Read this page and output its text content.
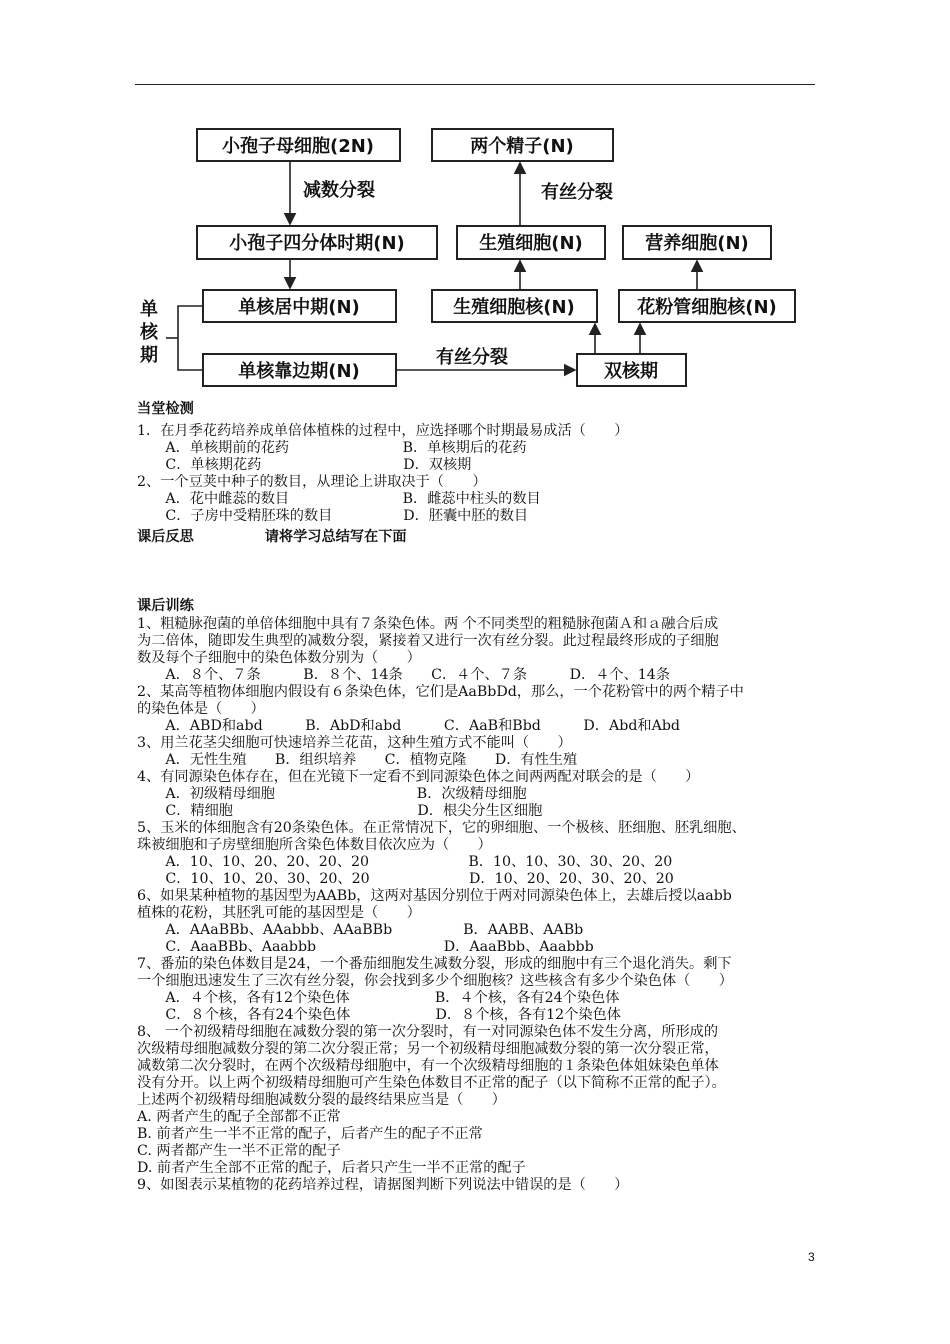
小孢子母细胞(2N)	两个精子(N)
小孢子四分体时期(N)	生殖细胞(N)	营养细胞(N)
单核居中期(N)	生殖细胞核(N)	花粉管细胞核(N)
单核靠边期(N)	双核期
减数分裂	有丝分裂
有丝分裂
单
核
期
当堂检测
1．在月季花药培养成单倍体植株的过程中，应选择哪个时期最易成活（　　）
　　A．单核期前的花药　　　　　　　　B．单核期后的花药
　　C．单核期花药　　　　　　　　　　D．双核期
2、一个豆荚中种子的数目，从理论上讲取决于（　　）
　　A．花中雌蕊的数目　　　　　　　　B．雌蕊中柱头的数目
　　C．子房中受精胚珠的数目　　　　　D．胚囊中胚的数目
课后反思　　　　　请将学习总结写在下面
课后训练
1、粗糙脉孢菌的单倍体细胞中具有７条染色体。两 个不同类型的粗糙脉孢菌Ａ和ａ融合后成
为二倍体，随即发生典型的减数分裂，紧接着又进行一次有丝分裂。此过程最终形成的子细胞
数及每个子细胞中的染色体数分别为（　　）
　　A．８个、７条　　　B．８个、14条　　C．４个、７条　　　D．４个、14条
2、某高等植物体细胞内假设有６条染色体，它们是AaBbDd，那么，一个花粉管中的两个精子中
的染色体是（　　）
　　A．ABD和abd　　　B．AbD和abd　　　C．AaB和Bbd　　　D．Abd和Abd
3、用兰花茎尖细胞可快速培养兰花苗，这种生殖方式不能叫（　　）
　　A．无性生殖　　B．组织培养　　C．植物克隆　　D．有性生殖
4、有同源染色体存在，但在光镜下一定看不到同源染色体之间两两配对联会的是（　　）
　　A．初级精母细胞　　　　　　　　　　B．次级精母细胞
　　C．精细胞　　　　　　　　　　　　　D．根尖分生区细胞
5、玉米的体细胞含有20条染色体。在正常情况下，它的卵细胞、一个极核、胚细胞、胚乳细胞、
珠被细胞和子房壁细胞所含染色体数目依次应为（　　）
　　A．10、10、20、20、20、20　　　　　　　B．10、10、30、30、20、20
　　C．10、10、20、30、20、20　　　　　　　D．10、20、20、30、20、20
6、如果某种植物的基因型为AABb，这两对基因分别位于两对同源染色体上，去雄后授以aabb
植株的花粉，其胚乳可能的基因型是（　　）
　　A．AAaBBb、AAabbb、AAaBBb　　　　　B．AABB、AABb
　　C．AaaBBb、Aaabbb　　　　　　　　　D．AaaBbb、Aaabbb
7、番茄的染色体数目是24，一个番茄细胞发生减数分裂，形成的细胞中有三个退化消失。剩下
一个细胞迅速发生了三次有丝分裂，你会找到多少个细胞核？这些核含有多少个染色体（　　）
　　A．４个核，各有12个染色体　　　　　　B．４个核，各有24个染色体
　　C．８个核，各有24个染色体　　　　　　D．８个核，各有12个染色体
8、 一个初级精母细胞在减数分裂的第一次分裂时，有一对同源染色体不发生分离，所形成的
次级精母细胞减数分裂的第二次分裂正常；另一个初级精母细胞减数分裂的第一次分裂正常，
减数第二次分裂时，在两个次级精母细胞中，有一个次级精母细胞的１条染色体姐妹染色单体
没有分开。以上两个初级精母细胞可产生染色体数目不正常的配子（以下简称不正常的配子）。
上述两个初级精母细胞减数分裂的最终结果应当是（　　）
A. 两者产生的配子全部都不正常
B. 前者产生一半不正常的配子，后者产生的配子不正常
C. 两者都产生一半不正常的配子
D. 前者产生全部不正常的配子，后者只产生一半不正常的配子
9、如图表示某植物的花药培养过程，请据图判断下列说法中错误的是（　　）
3
